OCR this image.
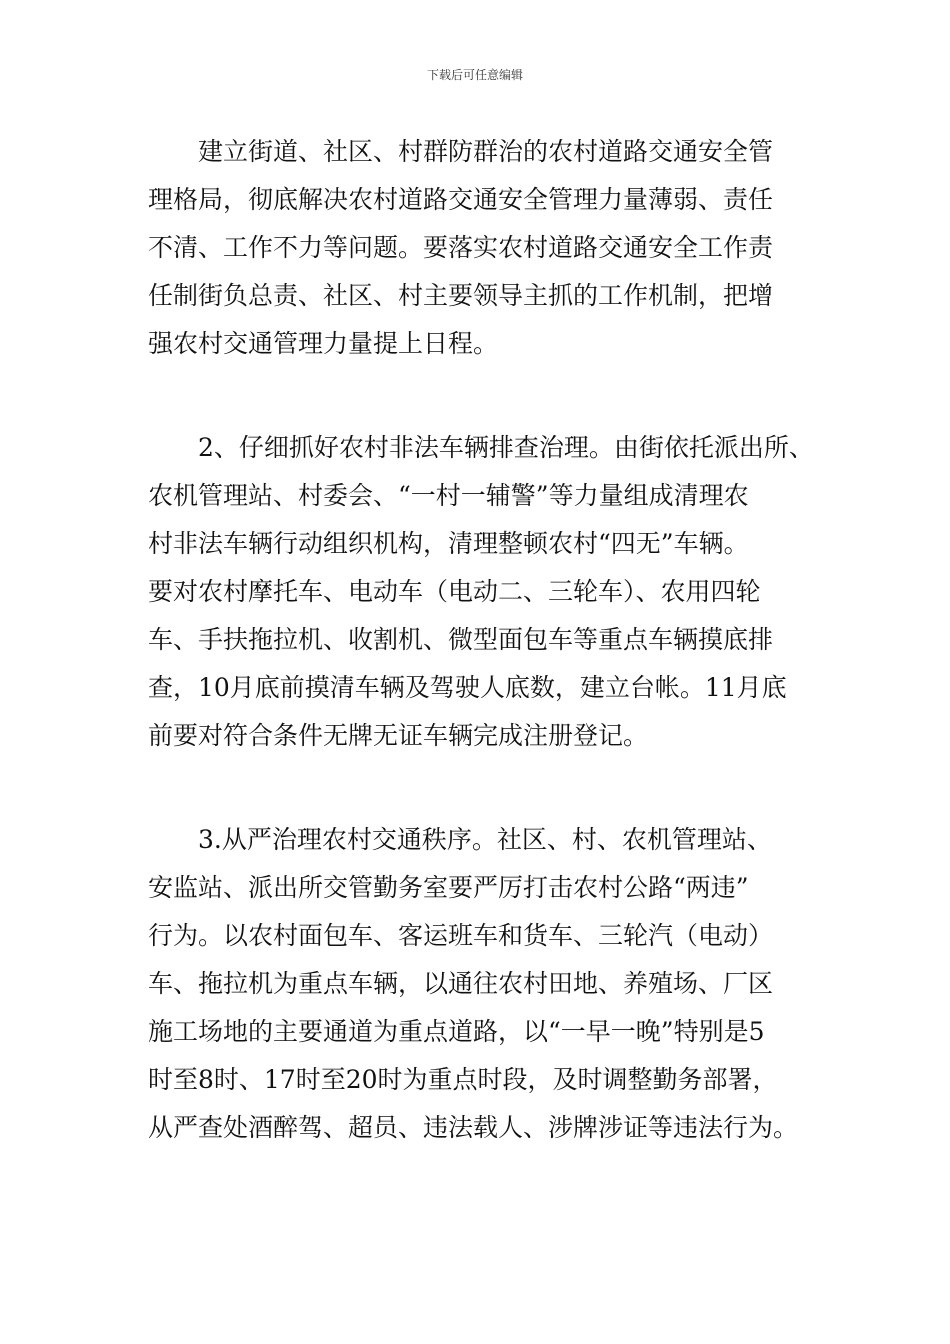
下载后可任意编辑
　　建立街道、社区、村群防群治的农村道路交通安全管
理格局，彻底解决农村道路交通安全管理力量薄弱、责任
不清、工作不力等问题。要落实农村道路交通安全工作责
任制街负总责、社区、村主要领导主抓的工作机制，把增
强农村交通管理力量提上日程。
　　2、仔细抓好农村非法车辆排查治理。由街依托派出所、
农机管理站、村委会、“一村一辅警”等力量组成清理农
村非法车辆行动组织机构，清理整顿农村“四无”车辆。
要对农村摩托车、电动车（电动二、三轮车）、农用四轮
车、手扶拖拉机、收割机、微型面包车等重点车辆摸底排
查，10月底前摸清车辆及驾驶人底数，建立台帐。11月底
前要对符合条件无牌无证车辆完成注册登记。
　　3.从严治理农村交通秩序。社区、村、农机管理站、
安监站、派出所交管勤务室要严厉打击农村公路“两违”
行为。以农村面包车、客运班车和货车、三轮汽（电动）
车、拖拉机为重点车辆，以通往农村田地、养殖场、厂区
施工场地的主要通道为重点道路，以“一早一晚”特别是5
时至8时、17时至20时为重点时段，及时调整勤务部署，
从严查处酒醉驾、超员、违法载人、涉牌涉证等违法行为。
